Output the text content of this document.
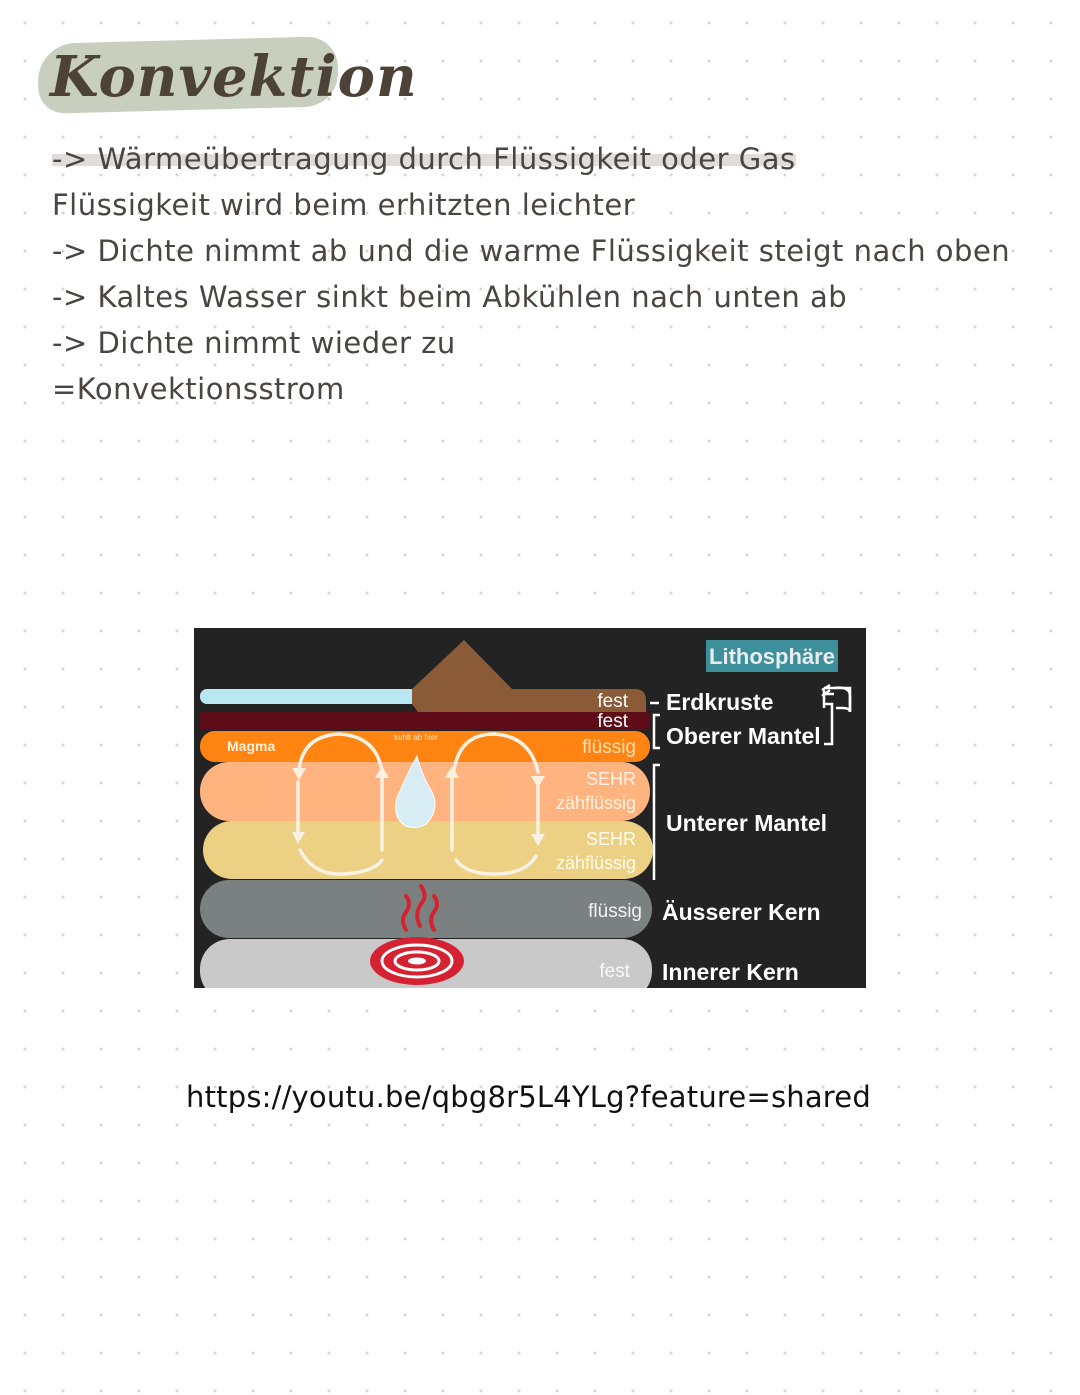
Konvektion
-> Wärmeübertragung durch Flüssigkeit oder Gas
Flüssigkeit wird beim erhitzten leichter
-> Dichte nimmt ab und die warme Flüssigkeit steigt nach oben
-> Kaltes Wasser sinkt beim Abkühlen nach unten ab
-> Dichte nimmt wieder zu
=Konvektionsstrom
Lithosphäre
fest
fest
flüssig
SEHR
zähflüssig
SEHR
zähflüssig
flüssig
fest
Magma
kuhlt ab hier
Erdkruste
Oberer Mantel
Unterer Mantel
Äusserer Kern
Innerer Kern
https://youtu.be/qbg8r5L4YLg?feature=shared
